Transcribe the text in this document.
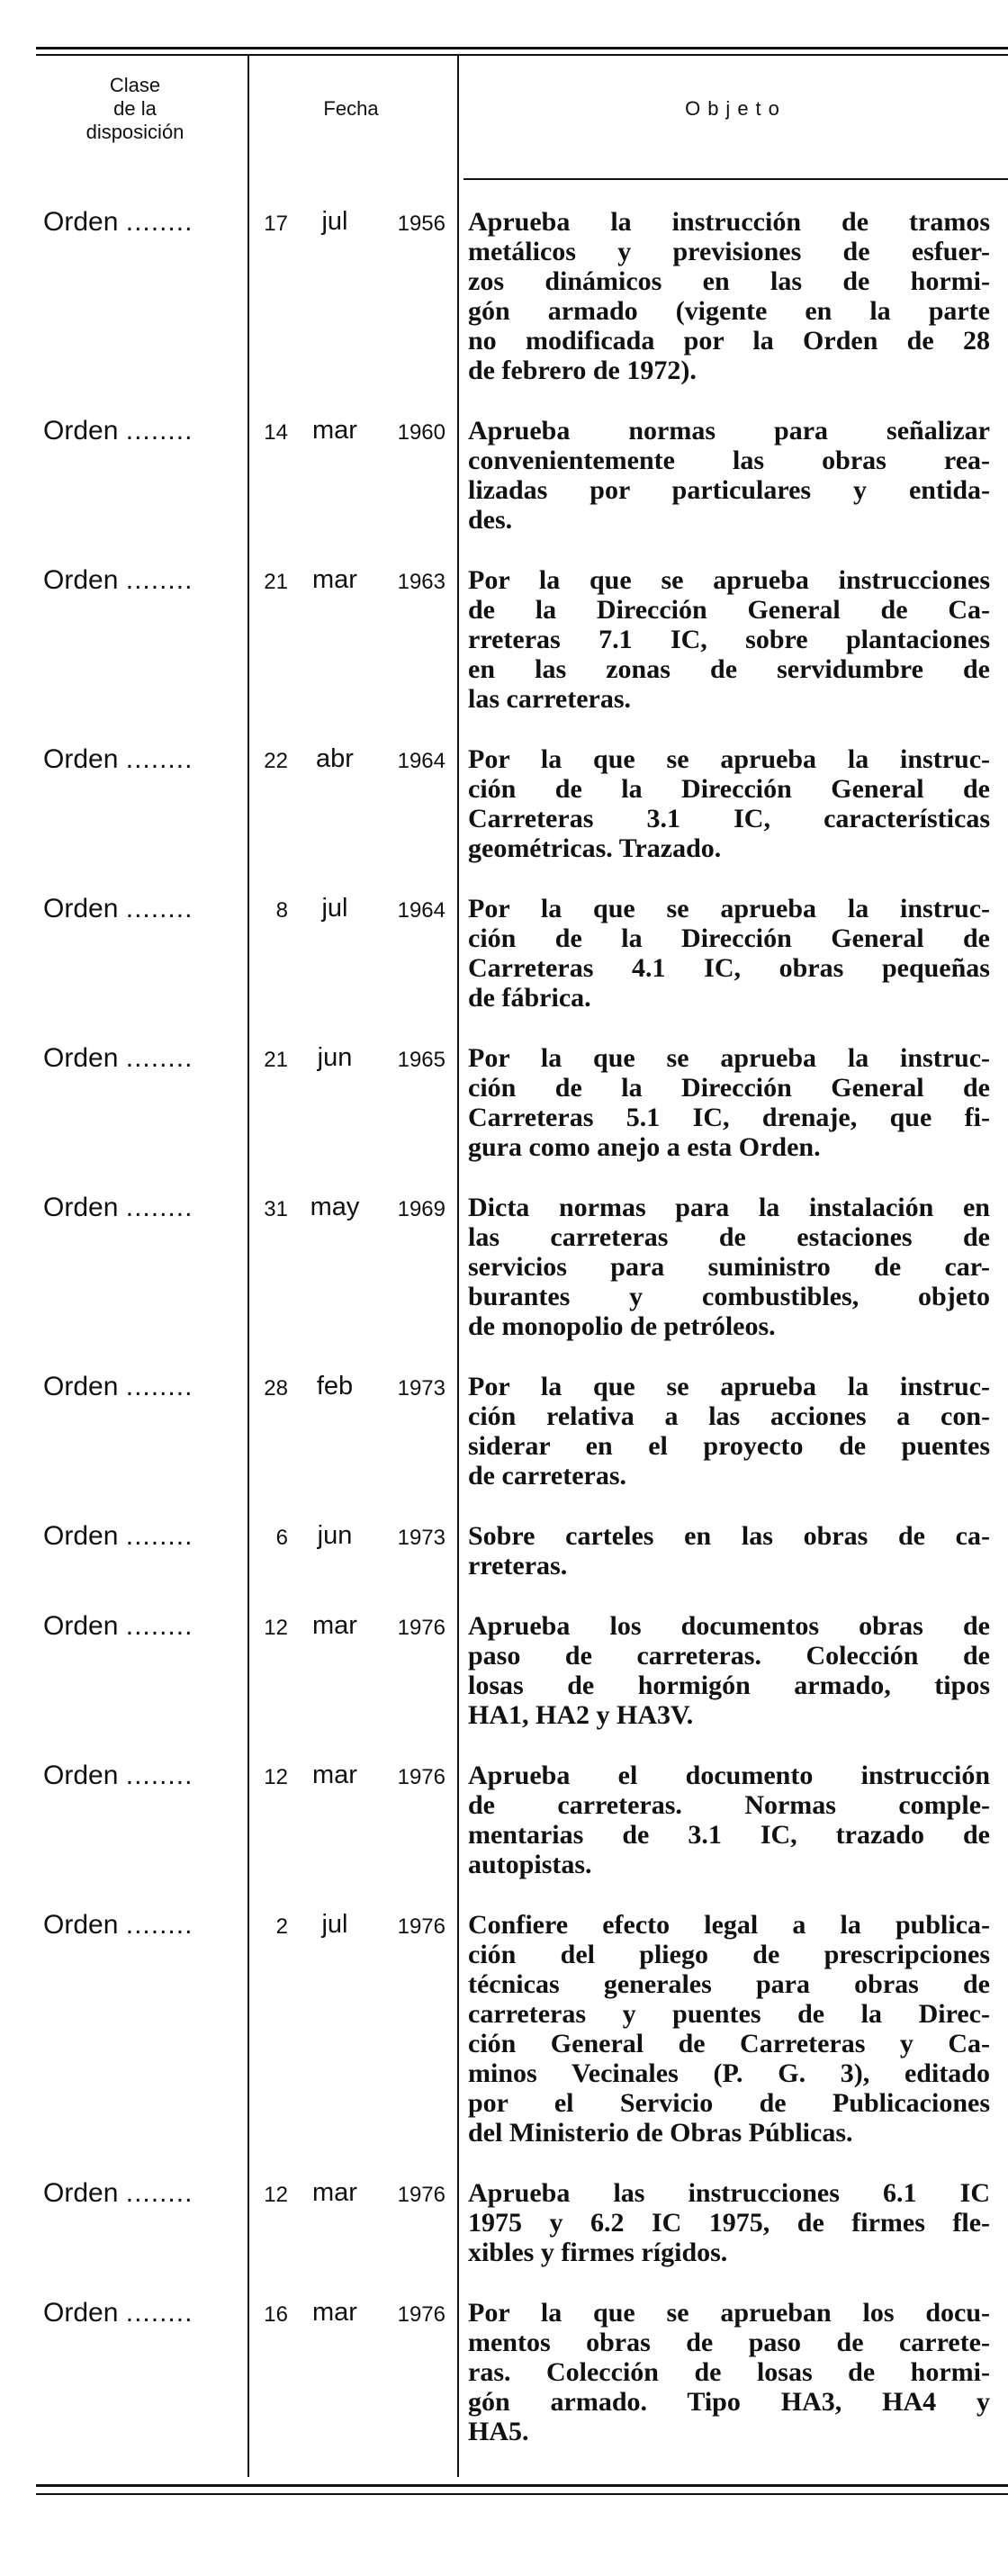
Clase
de la
disposición
Fecha	Objeto
Orden ........	17	jul	1956 Aprueba la instrucción de tramos
metálicos y previsiones de esfuer-
zos dinámicos en las de hormi-
gón armado (vigente en la parte
no modificada por la Orden de 28
de febrero de 1972).
Orden ........	14 mar	1960 Aprueba normas para señalizar
convenientemente las obras rea-
lizadas por particulares y entida-
des.
Orden ........	21 mar	1963 Por la que se aprueba instrucciones
de la Dirección General de Ca-
rreteras 7.1 IC, sobre plantaciones
en las zonas de servidumbre de
las carreteras.
Orden ........	22	abr	1964 Por la que se aprueba la instruc-
ción de la Dirección General de
Carreteras 3.1 IC, características
geométricas. Trazado.
Orden ........	8	jul	1964 Por la que se aprueba la instruc-
ción de la Dirección General de
Carreteras 4.1 IC, obras pequeñas
de fábrica.
Orden ........	21	jun	1965 Por la que se aprueba la instruc-
ción de la Dirección General de
Carreteras 5.1 IC, drenaje, que fi-
gura como anejo a esta Orden.
Orden ........	31 may	1969 Dicta normas para la instalación en
las carreteras de estaciones de
servicios para suministro de car-
burantes y combustibles, objeto
de monopolio de petróleos.
Orden ........	28	feb	1973 Por la que se aprueba la instruc-
ción relativa a las acciones a con-
siderar en el proyecto de puentes
de carreteras.
Orden ........	6	jun	1973 Sobre carteles en las obras de ca-
rreteras.
Orden ........	12 mar	1976 Aprueba los documentos obras de
paso de carreteras. Colección de
losas de hormigón armado, tipos
HA1, HA2 y HA3V.
Orden ........	12 mar	1976 Aprueba el documento instrucción
de carreteras. Normas comple-
mentarias de 3.1 IC, trazado de
autopistas.
Orden ........	2	jul	1976 Confiere efecto legal a la publica-
ción del pliego de prescripciones
técnicas generales para obras de
carreteras y puentes de la Direc-
ción General de Carreteras y Ca-
minos Vecinales (P. G. 3), editado
por el Servicio de Publicaciones
del Ministerio de Obras Públicas.
Orden ........	12 mar	1976 Aprueba las instrucciones 6.1 IC
1975 y 6.2 IC 1975, de firmes fle-
xibles y firmes rígidos.
Orden ........	16 mar	1976 Por la que se aprueban los docu-
mentos obras de paso de carrete-
ras. Colección de losas de hormi-
gón armado. Tipo HA3, HA4 y
HA5.
